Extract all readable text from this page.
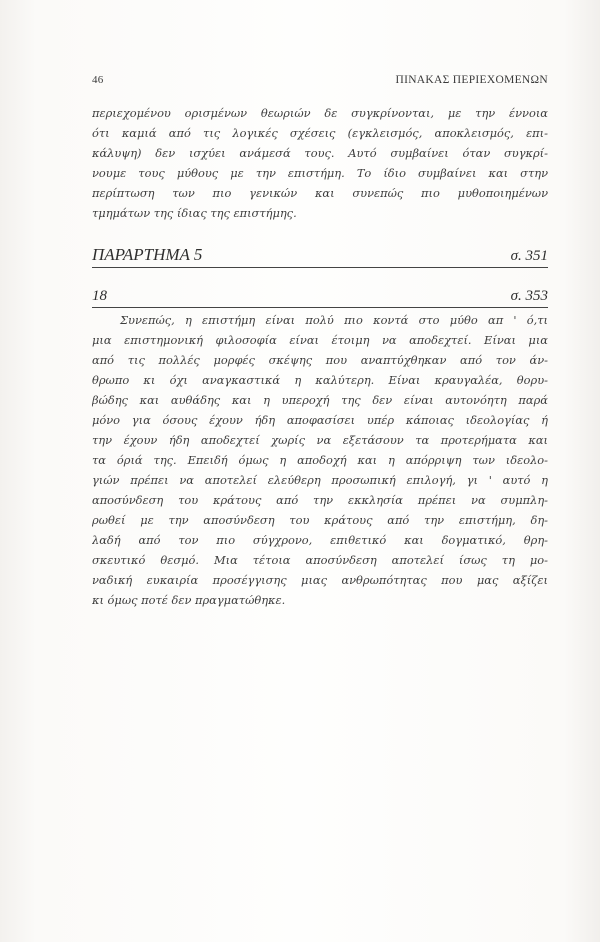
46	ΠΙΝΑΚΑΣ ΠΕΡΙΕΧΟΜΕΝΩΝ
περιεχομένου ορισμένων θεωριών δε συγκρίνονται, με την έννοια
ότι καμιά από τις λογικές σχέσεις (εγκλεισμός, αποκλεισμός, επι-
κάλυψη) δεν ισχύει ανάμεσά τους. Αυτό συμβαίνει όταν συγκρί-
νουμε τους μύθους με την επιστήμη. Το ίδιο συμβαίνει και στην
περίπτωση των πιο γενικών και συνεπώς πιο μυθοποιημένων
τμημάτων της ίδιας της επιστήμης.
ΠΑΡΑΡΤΗΜΑ 5	σ. 351
18	σ. 353
Συνεπώς, η επιστήμη είναι πολύ πιο κοντά στο μύθο απ ' ό,τι
μια επιστημονική φιλοσοφία είναι έτοιμη να αποδεχτεί. Είναι μια
από τις πολλές μορφές σκέψης που αναπτύχθηκαν από τον άν-
θρωπο κι όχι αναγκαστικά η καλύτερη. Είναι κραυγαλέα, θορυ-
βώδης και αυθάδης και η υπεροχή της δεν είναι αυτονόητη παρά
μόνο για όσους έχουν ήδη αποφασίσει υπέρ κάποιας ιδεολογίας ή
την έχουν ήδη αποδεχτεί χωρίς να εξετάσουν τα προτερήματα και
τα όριά της. Επειδή όμως η αποδοχή και η απόρριψη των ιδεολο-
γιών πρέπει να αποτελεί ελεύθερη προσωπική επιλογή, γι ' αυτό η
αποσύνδεση του κράτους από την εκκλησία πρέπει να συμπλη-
ρωθεί με την αποσύνδεση του κράτους από την επιστήμη, δη-
λαδή από τον πιο σύγχρονο, επιθετικό και δογματικό, θρη-
σκευτικό θεσμό. Μια τέτοια αποσύνδεση αποτελεί ίσως τη μο-
ναδική ευκαιρία προσέγγισης μιας ανθρωπότητας που μας αξίζει
κι όμως ποτέ δεν πραγματώθηκε.
